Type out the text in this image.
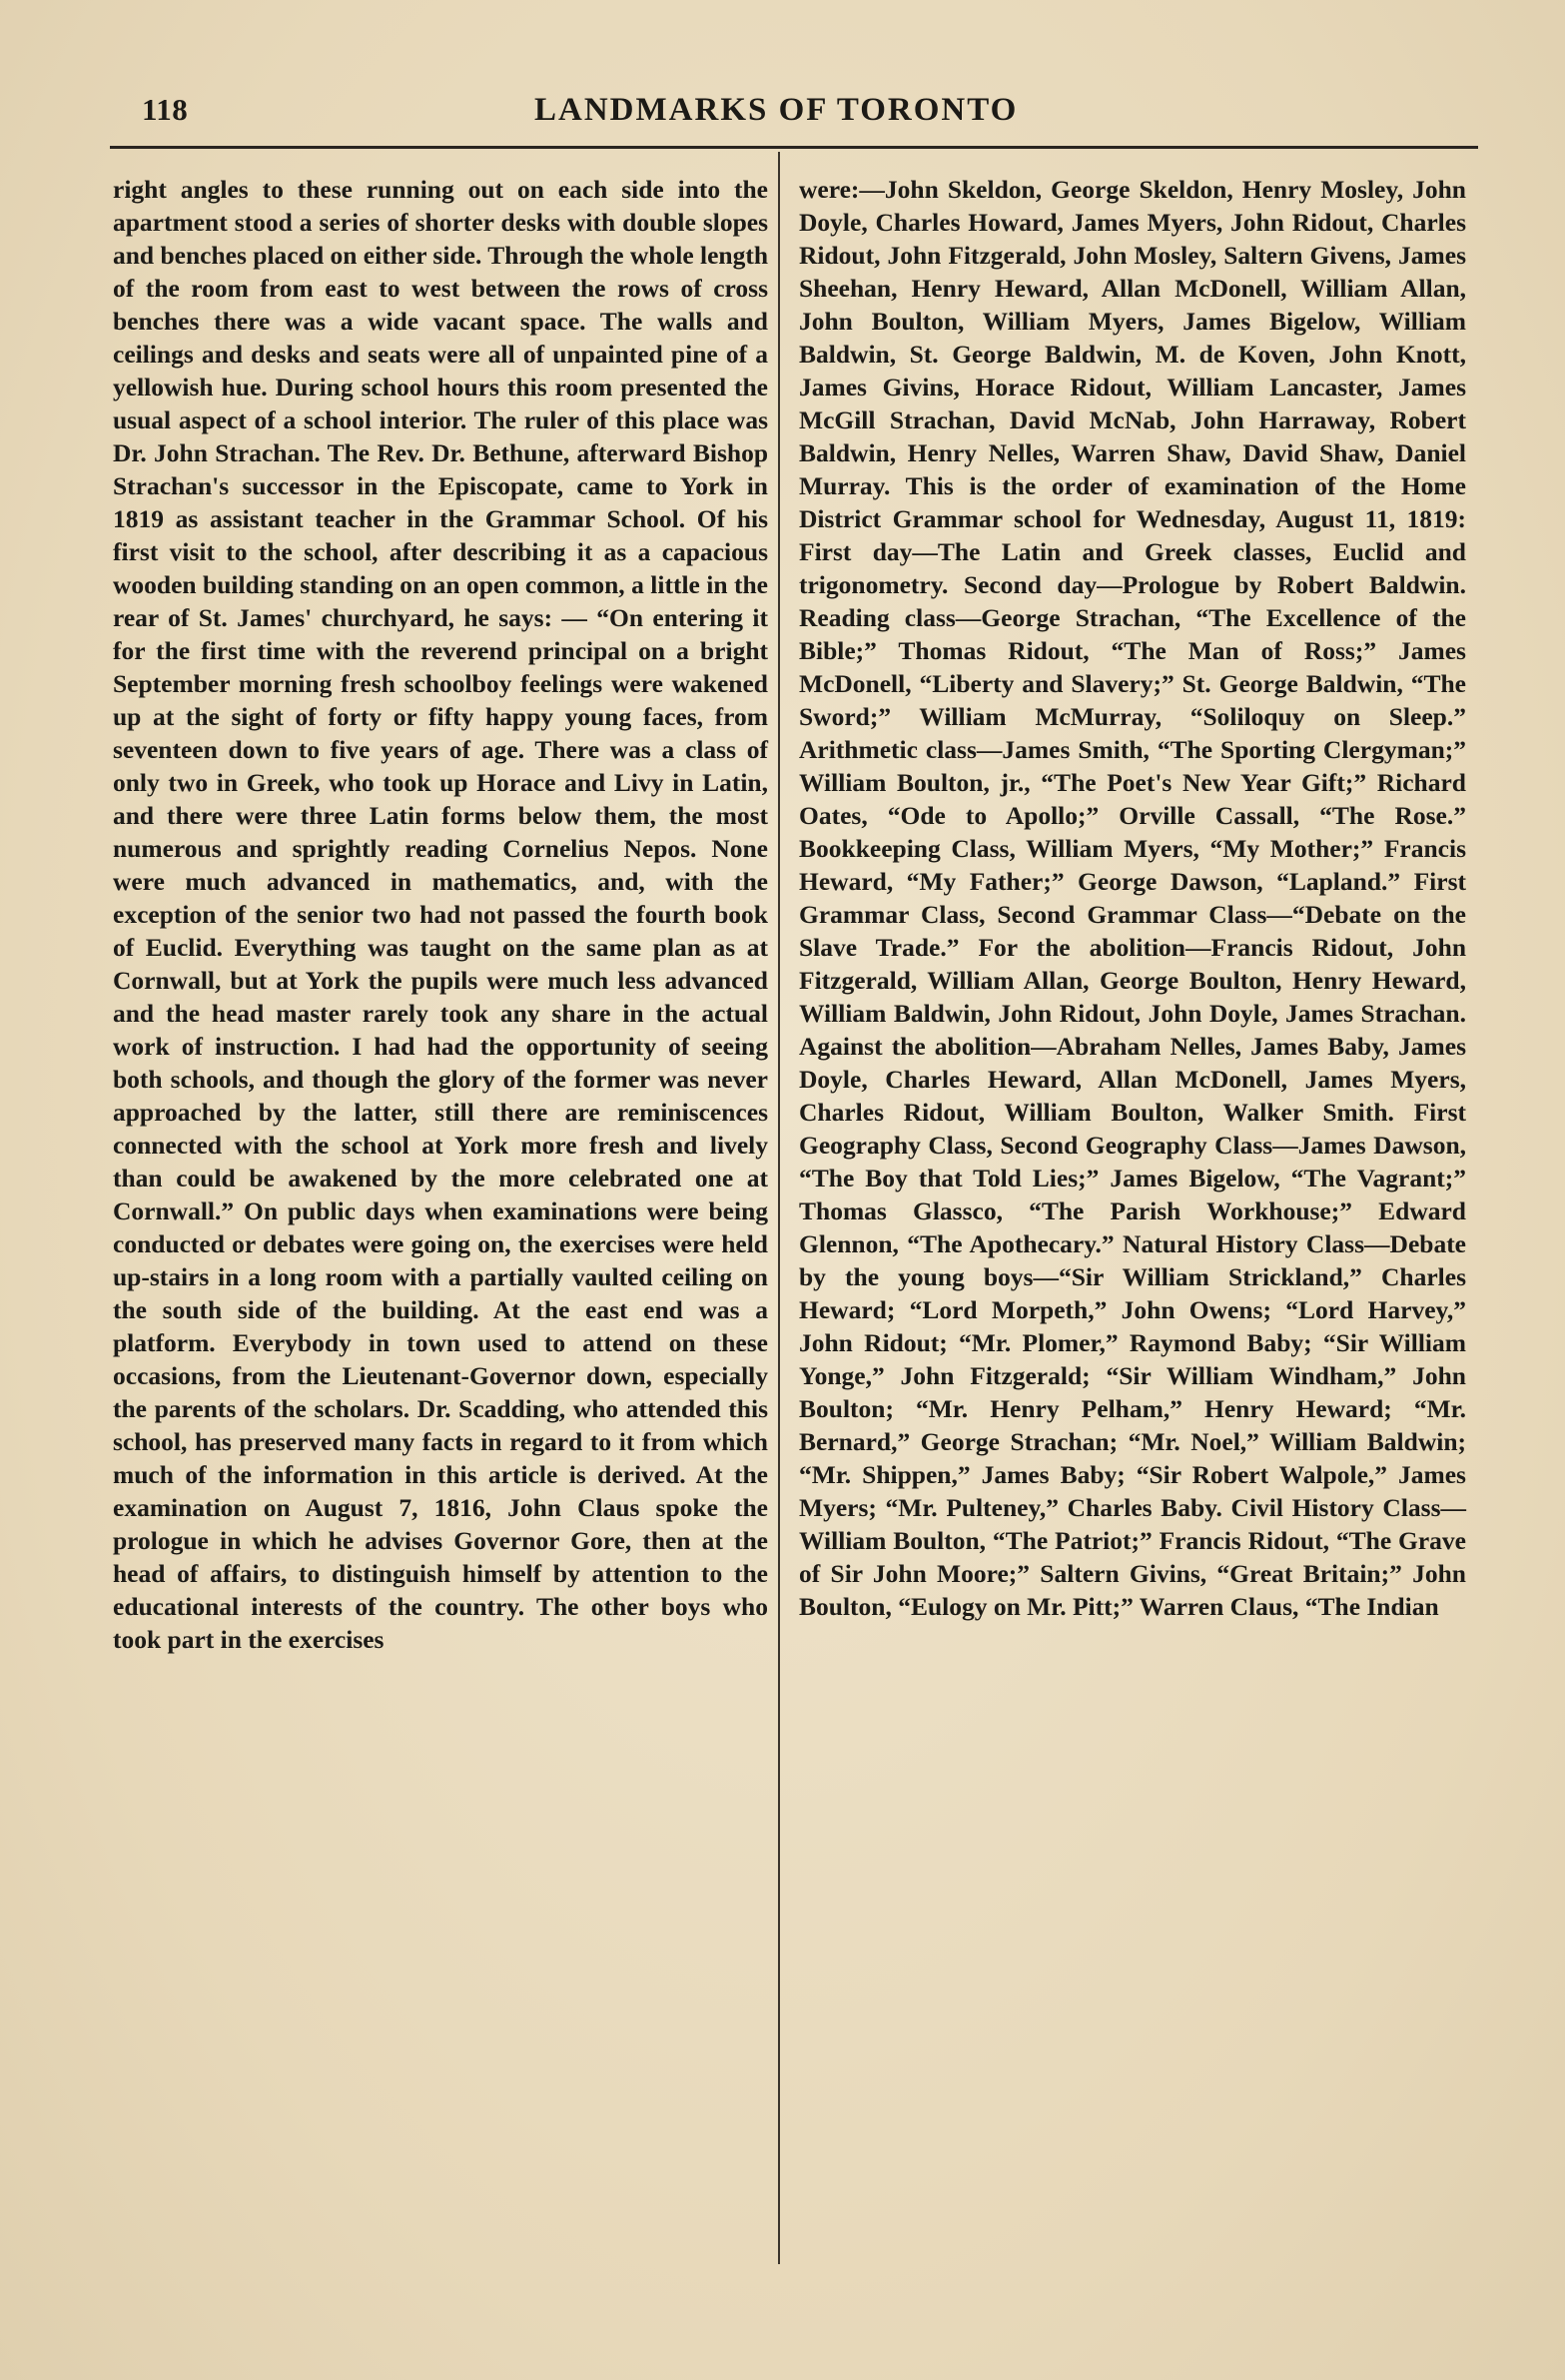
118	LANDMARKS OF TORONTO

right angles to these running out on each side into the apartment stood a series of shorter desks with double slopes and benches placed on either side. Through the whole length of the room from east to west between the rows of cross benches there was a wide vacant space. The walls and ceilings and desks and seats were all of unpainted pine of a yellowish hue. During school hours this room presented the usual aspect of a school interior. The ruler of this place was Dr. John Strachan. The Rev. Dr. Bethune, afterward Bishop Strachan's successor in the Episcopate, came to York in 1819 as assistant teacher in the Grammar School. Of his first visit to the school, after describing it as a capacious wooden building standing on an open common, a little in the rear of St. James' churchyard, he says: — “On entering it for the first time with the reverend principal on a bright September morning fresh schoolboy feelings were wakened up at the sight of forty or fifty happy young faces, from seventeen down to five years of age. There was a class of only two in Greek, who took up Horace and Livy in Latin, and there were three Latin forms below them, the most numerous and sprightly reading Cornelius Nepos. None were much advanced in mathematics, and, with the exception of the senior two had not passed the fourth book of Euclid. Everything was taught on the same plan as at Cornwall, but at York the pupils were much less advanced and the head master rarely took any share in the actual work of instruction. I had had the opportunity of seeing both schools, and though the glory of the former was never approached by the latter, still there are reminiscences connected with the school at York more fresh and lively than could be awakened by the more celebrated one at Cornwall.” On public days when examinations were being conducted or debates were going on, the exercises were held up-stairs in a long room with a partially vaulted ceiling on the south side of the building. At the east end was a platform. Everybody in town used to attend on these occasions, from the Lieutenant-Governor down, especially the parents of the scholars. Dr. Scadding, who attended this school, has preserved many facts in regard to it from which much of the information in this article is derived. At the examination on August 7, 1816, John Claus spoke the prologue in which he advises Governor Gore, then at the head of affairs, to distinguish himself by attention to the educational interests of the country. The other boys who took part in the exercises

were:—John Skeldon, George Skeldon, Henry Mosley, John Doyle, Charles Howard, James Myers, John Ridout, Charles Ridout, John Fitzgerald, John Mosley, Saltern Givens, James Sheehan, Henry Heward, Allan McDonell, William Allan, John Boulton, William Myers, James Bigelow, William Baldwin, St. George Baldwin, M. de Koven, John Knott, James Givins, Horace Ridout, William Lancaster, James McGill Strachan, David McNab, John Harraway, Robert Baldwin, Henry Nelles, Warren Shaw, David Shaw, Daniel Murray. This is the order of examination of the Home District Grammar school for Wednesday, August 11, 1819: First day—The Latin and Greek classes, Euclid and trigonometry. Second day—Prologue by Robert Baldwin. Reading class—George Strachan, “The Excellence of the Bible;” Thomas Ridout, “The Man of Ross;” James McDonell, “Liberty and Slavery;” St. George Baldwin, “The Sword;” William McMurray, “Soliloquy on Sleep.” Arithmetic class—James Smith, “The Sporting Clergyman;” William Boulton, jr., “The Poet's New Year Gift;” Richard Oates, “Ode to Apollo;” Orville Cassall, “The Rose.” Bookkeeping Class, William Myers, “My Mother;” Francis Heward, “My Father;” George Dawson, “Lapland.” First Grammar Class, Second Grammar Class—“Debate on the Slave Trade.” For the abolition—Francis Ridout, John Fitzgerald, William Allan, George Boulton, Henry Heward, William Baldwin, John Ridout, John Doyle, James Strachan. Against the abolition—Abraham Nelles, James Baby, James Doyle, Charles Heward, Allan McDonell, James Myers, Charles Ridout, William Boulton, Walker Smith. First Geography Class, Second Geography Class—James Dawson, “The Boy that Told Lies;” James Bigelow, “The Vagrant;” Thomas Glassco, “The Parish Workhouse;” Edward Glennon, “The Apothecary.” Natural History Class—Debate by the young boys—“Sir William Strickland,” Charles Heward; “Lord Morpeth,” John Owens; “Lord Harvey,” John Ridout; “Mr. Plomer,” Raymond Baby; “Sir William Yonge,” John Fitzgerald; “Sir William Windham,” John Boulton; “Mr. Henry Pelham,” Henry Heward; “Mr. Bernard,” George Strachan; “Mr. Noel,” William Baldwin; “Mr. Shippen,” James Baby; “Sir Robert Walpole,” James Myers; “Mr. Pulteney,” Charles Baby. Civil History Class—William Boulton, “The Patriot;” Francis Ridout, “The Grave of Sir John Moore;” Saltern Givins, “Great Britain;” John Boulton, “Eulogy on Mr. Pitt;” Warren Claus, “The Indian
